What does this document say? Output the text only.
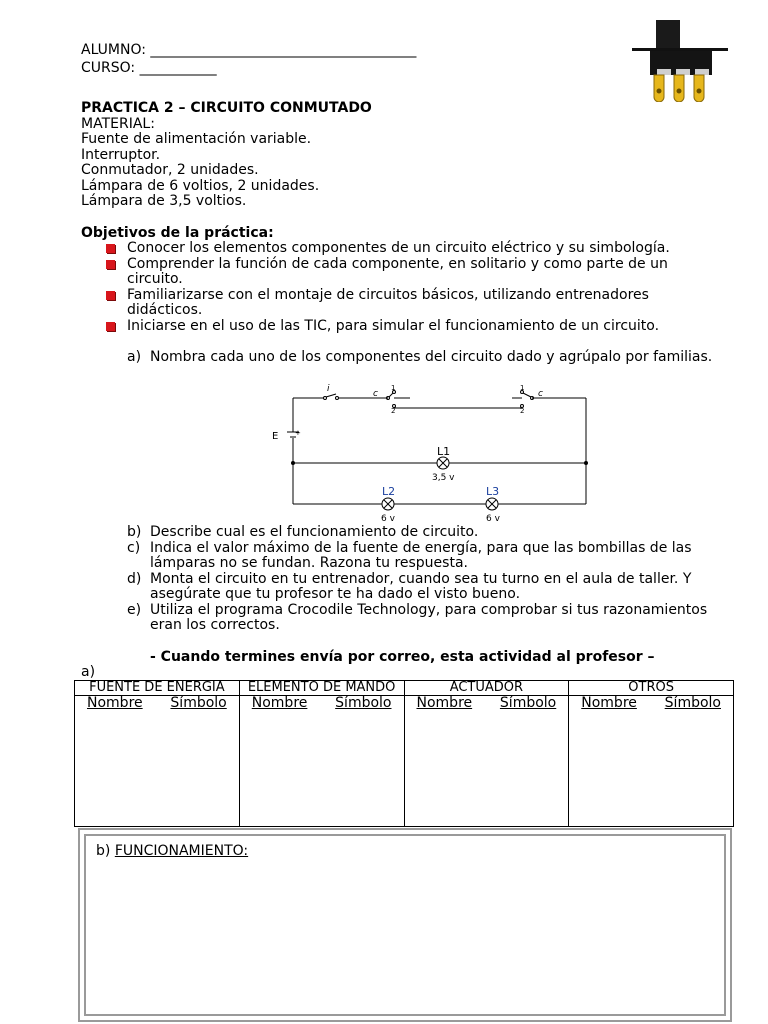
ALUMNO: ______________________________________
CURSO: ___________
PRACTICA 2 – CIRCUITO CONMUTADO
MATERIAL:
Fuente de alimentación variable.
Interruptor.
Conmutador, 2 unidades.
Lámpara de 6 voltios, 2 unidades.
Lámpara de 3,5 voltios.
Objetivos de la práctica:
Conocer los elementos componentes de un circuito eléctrico y su simbología.
Comprender la función de cada componente, en solitario y como parte de un circuito.
Familiarizarse con el montaje de circuitos básicos, utilizando entrenadores didácticos.
Iniciarse en el uso de las TIC, para simular el funcionamiento de un circuito.
a) Nombra cada uno de los componentes del circuito dado y agrúpalo por familias.
i	c	c
1
2
1
2
E +
L1
3,5 v
L2
6 v
L3
6 v
b) Describe cual es el funcionamiento de circuito.
c) Indica el valor máximo de la fuente de energía, para que las bombillas de las lámparas no se fundan. Razona tu respuesta.
d) Monta el circuito en tu entrenador, cuando sea tu turno en el aula de taller. Y asegúrate que tu profesor te ha dado el visto bueno.
e) Utiliza el programa Crocodile Technology, para comprobar si tus razonamientos eran los correctos.
- Cuando termines envía por correo, esta actividad al profesor –
a)
FUENTE DE ENERGIA	ELEMENTO DE MANDO	ACTUADOR	OTROS

Nombre Símbolo	Nombre Símbolo	Nombre Símbolo	Nombre Símbolo
b) FUNCIONAMIENTO:
